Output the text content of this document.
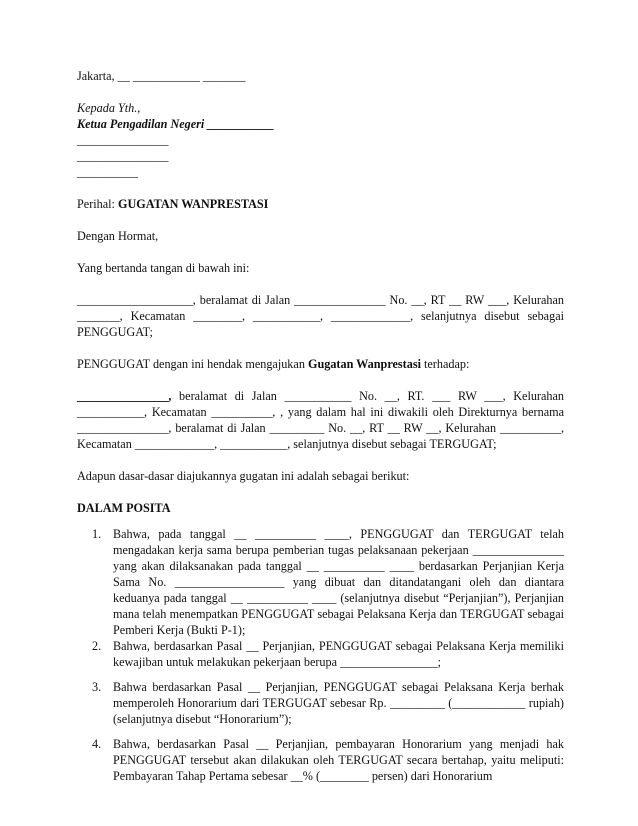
Jakarta, __ ___________ _______

Kepada Yth.,

Ketua Pengadilan Negeri ___________

_______________

_______________

__________

Perihal: GUGATAN WANPRESTASI

Dengan Hormat,

Yang bertanda tangan di bawah ini:

___________________, beralamat di Jalan _______________ No. __, RT __ RW ___, Kelurahan _______, Kecamatan ________, ___________, _____________, selanjutnya disebut sebagai PENGGUGAT;

PENGGUGAT dengan ini hendak mengajukan Gugatan Wanprestasi terhadap:

_______________, beralamat di Jalan ___________ No. __, RT. ___ RW ___, Kelurahan ___________, Kecamatan __________, , yang dalam hal ini diwakili oleh Direkturnya bernama _______________, beralamat di Jalan _________ No. __, RT __ RW __, Kelurahan __________, Kecamatan _____________, ___________, selanjutnya disebut sebagai TERGUGAT;

Adapun dasar-dasar diajukannya gugatan ini adalah sebagai berikut:

DALAM POSITA

1. Bahwa, pada tanggal __ __________ ____, PENGGUGAT dan TERGUGAT telah mengadakan kerja sama berupa pemberian tugas pelaksanaan pekerjaan _______________ yang akan dilaksanakan pada tanggal __ __________ ____ berdasarkan Perjanjian Kerja Sama No. __________________ yang dibuat dan ditandatangani oleh dan diantara keduanya pada tanggal __ __________ ____ (selanjutnya disebut “Perjanjian”), Perjanjian mana telah menempatkan PENGGUGAT sebagai Pelaksana Kerja dan TERGUGAT sebagai Pemberi Kerja (Bukti P-1);
2. Bahwa, berdasarkan Pasal __ Perjanjian, PENGGUGAT sebagai Pelaksana Kerja memiliki kewajiban untuk melakukan pekerjaan berupa ________________;
3. Bahwa berdasarkan Pasal __ Perjanjian, PENGGUGAT sebagai Pelaksana Kerja berhak memperoleh Honorarium dari TERGUGAT sebesar Rp. _________ (____________ rupiah) (selanjutnya disebut “Honorarium”);
4. Bahwa, berdasarkan Pasal __ Perjanjian, pembayaran Honorarium yang menjadi hak PENGGUGAT tersebut akan dilakukan oleh TERGUGAT secara bertahap, yaitu meliputi: Pembayaran Tahap Pertama sebesar __% (________ persen) dari Honorarium
